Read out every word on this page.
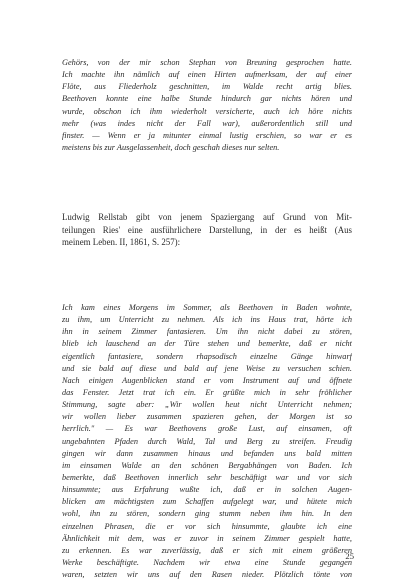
Gehörs, von der mir schon Stephan von Breuning gesprochen hatte.
Ich machte ihn nämlich auf einen Hirten aufmerksam, der auf einer
Flöte, aus Fliederholz geschnitten, im Walde recht artig blies.
Beethoven konnte eine halbe Stunde hindurch gar nichts hören und
wurde, obschon ich ihm wiederholt versicherte, auch ich höre nichts
mehr (was indes nicht der Fall war), außerordentlich still und
finster. — Wenn er ja mitunter einmal lustig erschien, so war er es
meistens bis zur Ausgelassenheit, doch geschah dieses nur selten.
Ludwig Rellstab gibt von jenem Spaziergang auf Grund von Mit-
teilungen Ries' eine ausführlichere Darstellung, in der es heißt (Aus
meinem Leben. II, 1861, S. 257):
Ich kam eines Morgens im Sommer, als Beethoven in Baden wohnte,
zu ihm, um Unterricht zu nehmen. Als ich ins Haus trat, hörte ich
ihn in seinem Zimmer fantasieren. Um ihn nicht dabei zu stören,
blieb ich lauschend an der Türe stehen und bemerkte, daß er nicht
eigentlich fantasiere, sondern rhapsodisch einzelne Gänge hinwarf
und sie bald auf diese und bald auf jene Weise zu versuchen schien.
Nach einigen Augenblicken stand er vom Instrument auf und öffnete
das Fenster. Jetzt trat ich ein. Er grüßte mich in sehr fröhlicher
Stimmung, sagte aber: „Wir wollen heut nicht Unterricht nehmen;
wir wollen lieber zusammen spazieren gehen, der Morgen ist so
herrlich." — Es war Beethovens große Lust, auf einsamen, oft
ungebahnten Pfaden durch Wald, Tal und Berg zu streifen. Freudig
gingen wir dann zusammen hinaus und befanden uns bald mitten
im einsamen Walde an den schönen Bergabhängen von Baden. Ich
bemerkte, daß Beethoven innerlich sehr beschäftigt war und vor sich
hinsummte; aus Erfahrung wußte ich, daß er in solchen Augen-
blicken am mächtigsten zum Schaffen aufgelegt war, und hütete mich
wohl, ihn zu stören, sondern ging stumm neben ihm hin. In den
einzelnen Phrasen, die er vor sich hinsummte, glaubte ich eine
Ähnlichkeit mit dem, was er zuvor in seinem Zimmer gespielt hatte,
zu erkennen. Es war zuverlässig, daß er sich mit einem größeren
Werke beschäftigte. Nachdem wir etwa eine Stunde gegangen
waren, setzten wir uns auf den Rasen nieder. Plötzlich tönte von
25
